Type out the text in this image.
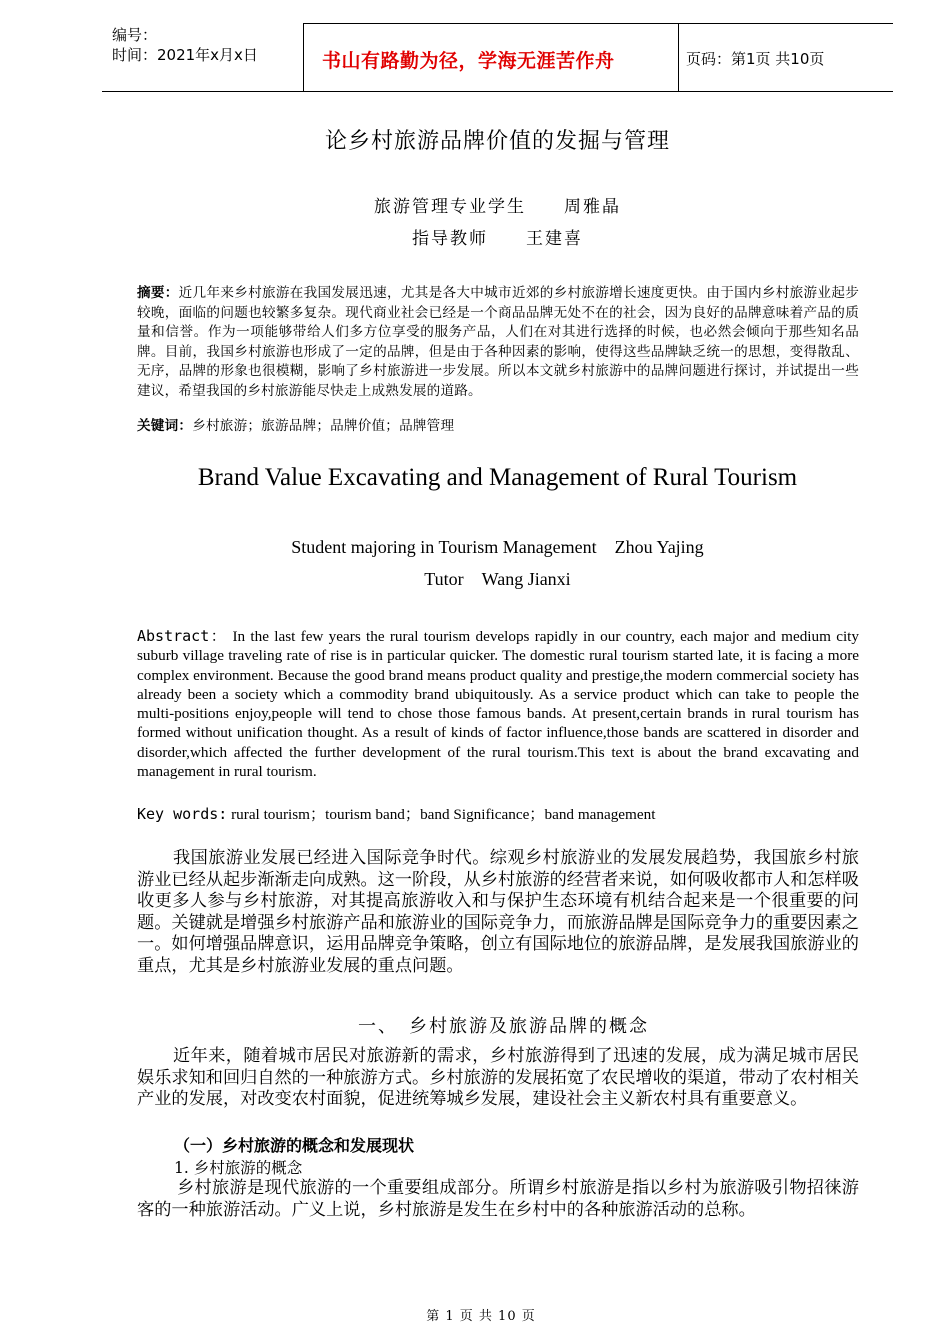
编号：
时间：2021年x月x日	书山有路勤为径，学海无涯苦作舟	页码：第1页 共10页
论乡村旅游品牌价值的发掘与管理
旅游管理专业学生　　周雅晶
指导教师　　王建喜
摘要：近几年来乡村旅游在我国发展迅速，尤其是各大中城市近郊的乡村旅游增长速度更快。由于国内乡村旅游业起步较晚，面临的问题也较繁多复杂。现代商业社会已经是一个商品品牌无处不在的社会，因为良好的品牌意味着产品的质量和信誉。作为一项能够带给人们多方位享受的服务产品，人们在对其进行选择的时候，也必然会倾向于那些知名品牌。目前，我国乡村旅游也形成了一定的品牌，但是由于各种因素的影响，使得这些品牌缺乏统一的思想，变得散乱、无序，品牌的形象也很模糊，影响了乡村旅游进一步发展。所以本文就乡村旅游中的品牌问题进行探讨，并试提出一些建议，希望我国的乡村旅游能尽快走上成熟发展的道路。
关键词：乡村旅游；旅游品牌；品牌价值；品牌管理
Brand Value Excavating and Management of Rural Tourism
Student majoring in Tourism Management　Zhou Yajing
Tutor　Wang Jianxi
Abstract： In the last few years the rural tourism develops rapidly in our country, each major and medium city suburb village traveling rate of rise is in particular quicker. The domestic rural tourism started late, it is facing a more complex environment. Because the good brand means product quality and prestige,the modern commercial society has already been a society which a commodity brand ubiquitously. As a service product which can take to people the multi-positions enjoy,people will tend to chose those famous bands. At present,certain brands in rural tourism has formed without unification thought. As a result of kinds of factor influence,those bands are scattered in disorder and disorder,which affected the further development of the rural tourism.This text is about the brand excavating and management in rural tourism.
Key words: rural tourism；tourism band；band Significance；band management
我国旅游业发展已经进入国际竞争时代。综观乡村旅游业的发展发展趋势，我国旅乡村旅游业已经从起步渐渐走向成熟。这一阶段，从乡村旅游的经营者来说，如何吸收都市人和怎样吸收更多人参与乡村旅游，对其提高旅游收入和与保护生态环境有机结合起来是一个很重要的问题。关键就是增强乡村旅游产品和旅游业的国际竞争力，而旅游品牌是国际竞争力的重要因素之一。如何增强品牌意识，运用品牌竞争策略，创立有国际地位的旅游品牌，是发展我国旅游业的重点，尤其是乡村旅游业发展的重点问题。
一、　乡村旅游及旅游品牌的概念
近年来，随着城市居民对旅游新的需求，乡村旅游得到了迅速的发展，成为满足城市居民娱乐求知和回归自然的一种旅游方式。乡村旅游的发展拓宽了农民增收的渠道，带动了农村相关产业的发展，对改变农村面貌，促进统筹城乡发展，建设社会主义新农村具有重要意义。
（一）乡村旅游的概念和发展现状
1. 乡村旅游的概念
乡村旅游是现代旅游的一个重要组成部分。所谓乡村旅游是指以乡村为旅游吸引物招徕游客的一种旅游活动。广义上说，乡村旅游是发生在乡村中的各种旅游活动的总称。
第 1 页 共 10 页
